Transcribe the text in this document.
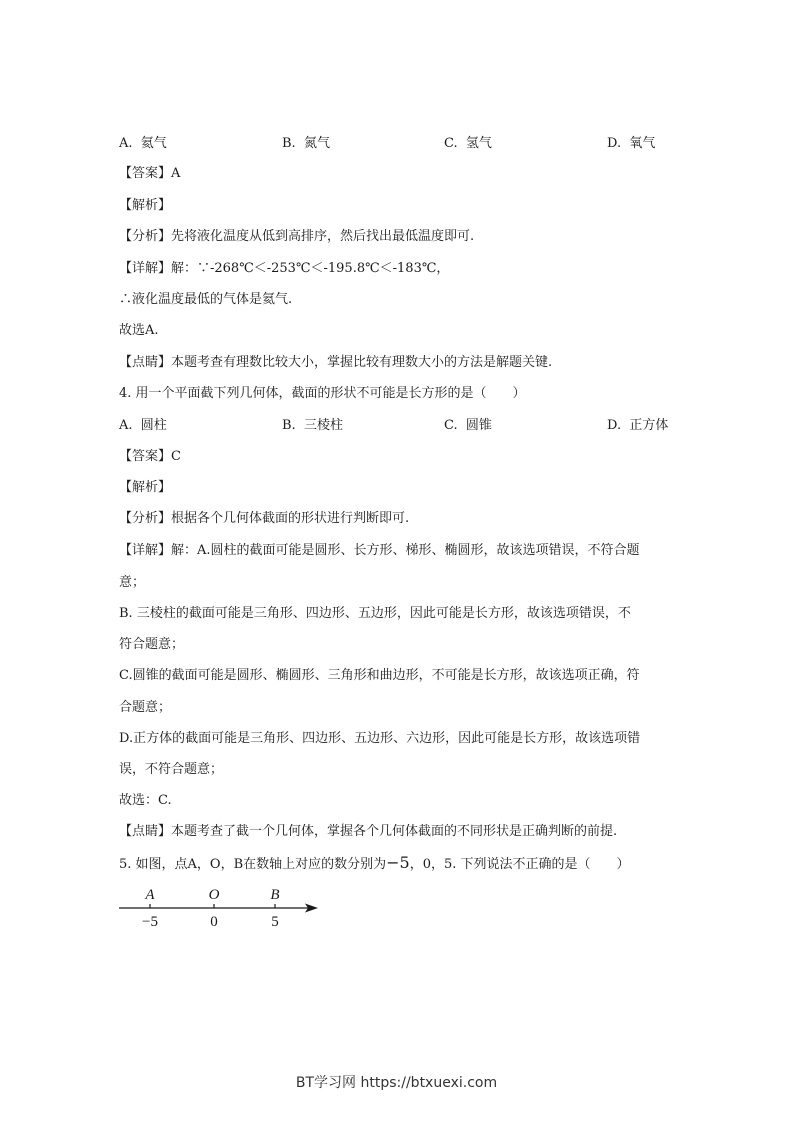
A. 氦气	B. 氮气	C. 氢气	D. 氧气
【答案】A
【解析】
【分析】先将液化温度从低到高排序，然后找出最低温度即可.
【详解】解：∵-268℃＜-253℃＜-195.8℃＜-183℃，
∴液化温度最低的气体是氦气.
故选A.
【点睛】本题考查有理数比较大小，掌握比较有理数大小的方法是解题关键.
4. 用一个平面截下列几何体，截面的形状不可能是长方形的是（　　）
A. 圆柱	B. 三棱柱	C. 圆锥	D. 正方体
【答案】C
【解析】
【分析】根据各个几何体截面的形状进行判断即可.
【详解】解：A.圆柱的截面可能是圆形、长方形、梯形、椭圆形，故该选项错误，不符合题
意；
B. 三棱柱的截面可能是三角形、四边形、五边形，因此可能是长方形，故该选项错误，不
符合题意；
C.圆锥的截面可能是圆形、椭圆形、三角形和曲边形，不可能是长方形，故该选项正确，符
合题意；
D.正方体的截面可能是三角形、四边形、五边形、六边形，因此可能是长方形，故该选项错
误，不符合题意；
故选：C.
【点睛】本题考查了截一个几何体，掌握各个几何体截面的不同形状是正确判断的前提.
5. 如图，点A，O，B在数轴上对应的数分别为−5，0，5. 下列说法不正确的是（　　）
A	O	B
−5	0	5
BT学习网 https://btxuexi.com
